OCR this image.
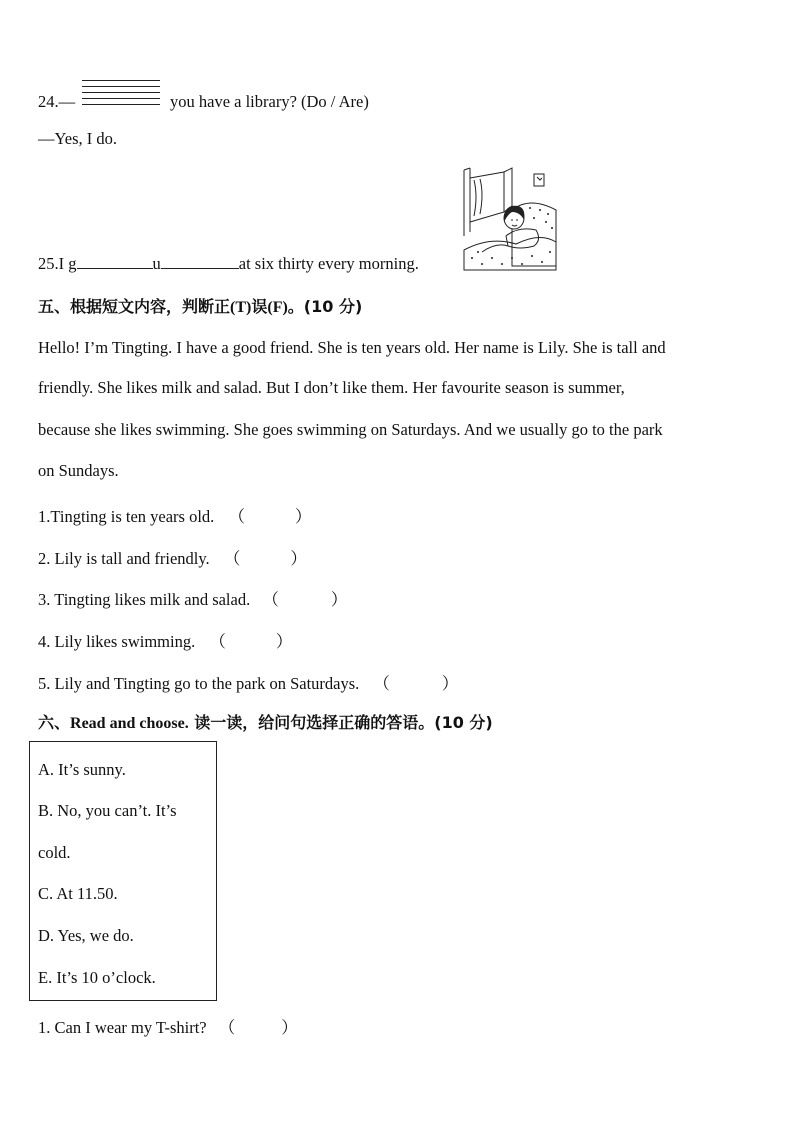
24.—	you have a library? (Do / Are)
—Yes, I do.
25.I g	u	at six thirty every morning.
五、根据短文内容，判断正(T)误(F)。(10 分)
Hello! I’m Tingting. I have a good friend. She is ten years old. Her name is Lily. She is tall and
friendly. She likes milk and salad. But I don’t like them. Her favourite season is summer,
because she likes swimming. She goes swimming on Saturdays. And we usually go to the park
on Sundays.
1.Tingting is ten years old. （	）
2. Lily is tall and friendly. （	）
3. Tingting likes milk and salad. （	）
4. Lily likes swimming. （	）
5. Lily and Tingting go to the park on Saturdays. （	）
六、Read and choose. 读一读，给问句选择正确的答语。(10 分)
A. It’s sunny.
B. No, you can’t. It’s
cold.
C. At 11.50.
D. Yes, we do.
E. It’s 10 o’clock.
1. Can I wear my T-shirt? （	）
